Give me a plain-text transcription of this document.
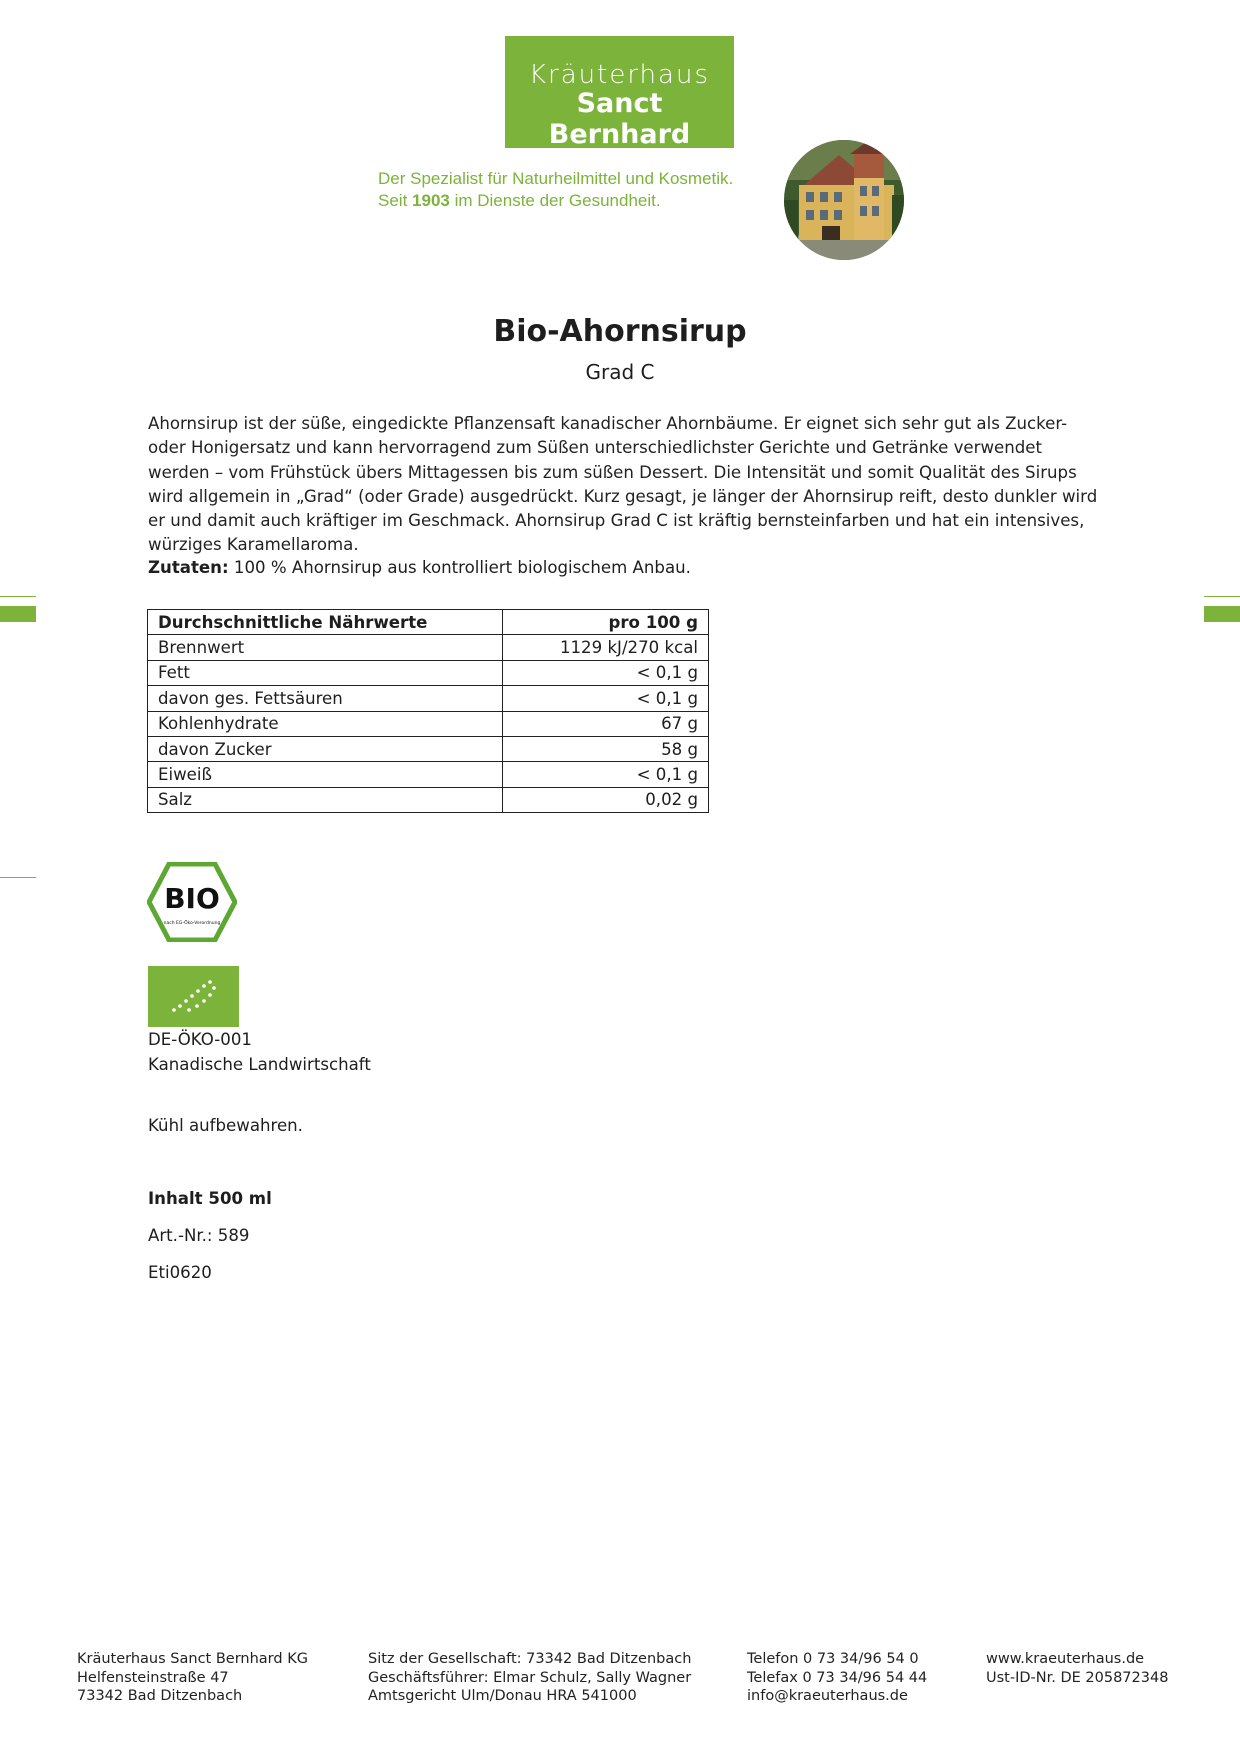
Kräuterhaus
Sanct Bernhard
Der Spezialist für Naturheilmittel und Kosmetik.
Seit 1903 im Dienste der Gesundheit.
Bio-Ahornsirup
Grad C

Ahornsirup ist der süße, eingedickte Pflanzensaft kanadischer Ahornbäume. Er eignet sich sehr gut als Zucker- oder Honigersatz und kann hervorragend zum Süßen unterschiedlichster Gerichte und Getränke verwendet werden – vom Frühstück übers Mittagessen bis zum süßen Dessert. Die Intensität und somit Qualität des Sirups wird allgemein in „Grad“ (oder Grade) ausgedrückt. Kurz gesagt, je länger der Ahornsirup reift, desto dunkler wird er und damit auch kräftiger im Geschmack. Ahornsirup Grad C ist kräftig bernsteinfarben und hat ein intensives, würziges Karamellaroma.

Zutaten: 100 % Ahornsirup aus kontrolliert biologischem Anbau.
Durchschnittliche Nährwerte	pro 100 g
Brennwert	1129 kJ/270 kcal
Fett	< 0,1 g
davon ges. Fettsäuren	< 0,1 g
Kohlenhydrate	67 g
davon Zucker	58 g
Eiweiß	< 0,1 g
Salz	0,02 g
BIO
nach EG-Öko-Verordnung
DE-ÖKO-001
Kanadische Landwirtschaft
Kühl aufbewahren.
Inhalt 500 ml
Art.-Nr.: 589
Eti0620
Kräuterhaus Sanct Bernhard KG
Helfensteinstraße 47
73342 Bad Ditzenbach
Sitz der Gesellschaft: 73342 Bad Ditzenbach
Geschäftsführer: Elmar Schulz, Sally Wagner
Amtsgericht Ulm/Donau HRA 541000
Telefon 0 73 34/96 54 0
Telefax 0 73 34/96 54 44
info@kraeuterhaus.de
www.kraeuterhaus.de
Ust-ID-Nr. DE 205872348
